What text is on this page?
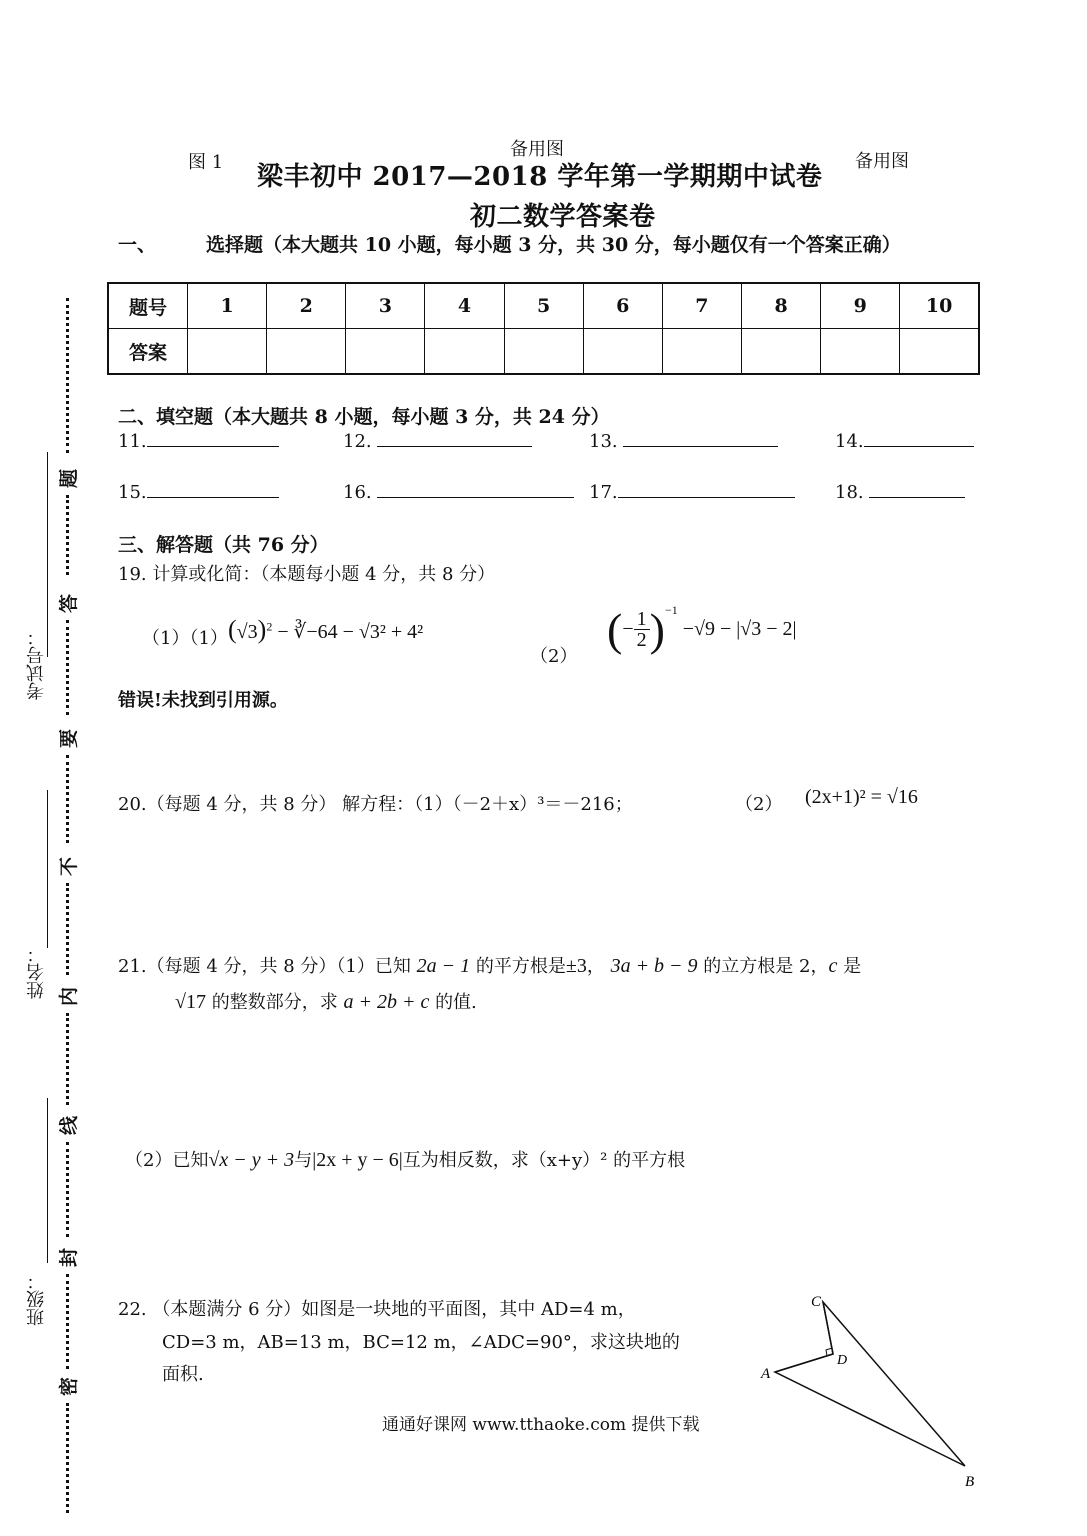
图 1
备用图
备用图
梁丰初中 2017—2018 学年第一学期期中试卷
初二数学答案卷
一、	选择题（本大题共 10 小题，每小题 3 分，共 30 分，每小题仅有一个答案正确）
题号	1	2	3	4	5	6	7	8	9	10
答案										
二、填空题（本大题共 8 小题，每小题 3 分，共 24 分）
11.	12.	13.	14.
15.	16.	17.	18.
三、解答题（共 76 分）
19. 计算或化简：（本题每小题 4 分，共 8 分）
（1）（1） $(√3)^2$ − ∛−64 − √3² + 4²
（2）
(− $\frac{1}{2} )^{-1} -√9 - |√3 - 2|$
错误!未找到引用源。
20.（每题 4 分，共 8 分） 解方程：（1）（－2＋x）³＝－216；	（2） (2x+1)² = √16
21.（每题 4 分，共 8 分）（1）已知 2a − 1 的平方根是±3， 3a + b − 9 的立方根是 2，c 是
√17 的整数部分，求 a + 2b + c 的值.
（2）已知√x − y + 3与|2x + y − 6|互为相反数，求（x+y）² 的平方根
22. （本题满分 6 分）如图是一块地的平面图，其中 AD=4 m，
CD=3 m，AB=13 m，BC=12 m，∠ADC=90°，求这块地的
面积.
C
D
A
B
通通好课网 www.tthaoke.com 提供下载
题
答
要
不
内
线
封
密
考试号：
姓名：
班级：
